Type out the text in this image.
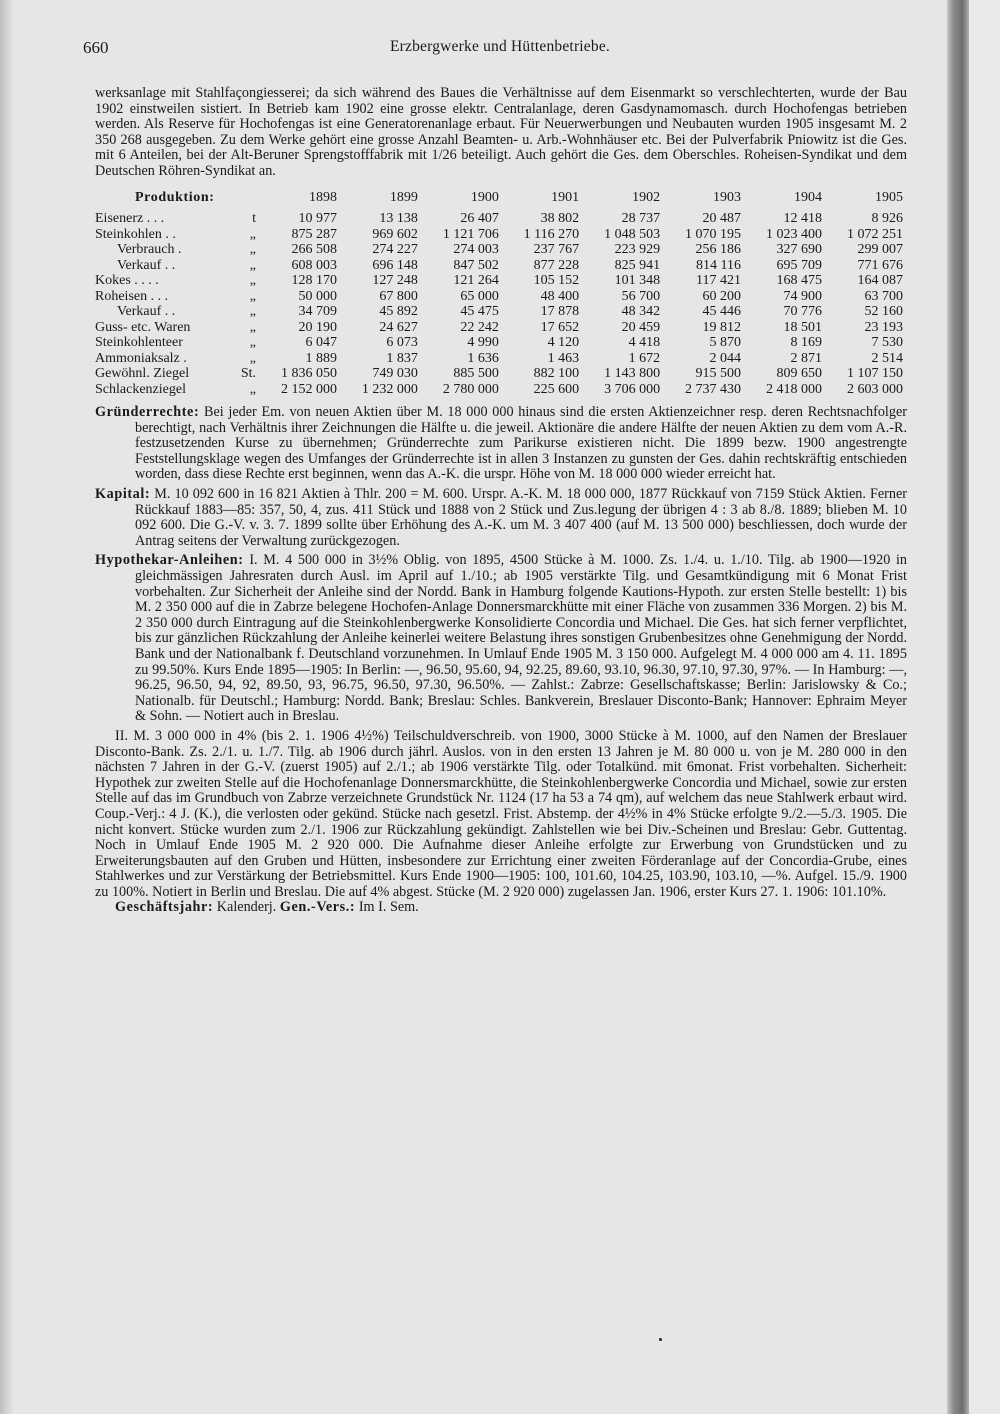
660	Erzbergwerke und Hüttenbetriebe.

werksanlage mit Stahlfaçongiesserei; da sich während des Baues die Verhältnisse auf dem Eisenmarkt so verschlechterten, wurde der Bau 1902 einstweilen sistiert. In Betrieb kam 1902 eine grosse elektr. Centralanlage, deren Gasdynamomasch. durch Hochofengas betrieben werden. Als Reserve für Hochofengas ist eine Generatorenanlage erbaut. Für Neuerwerbungen und Neubauten wurden 1905 insgesamt M. 2 350 268 ausgegeben. Zu dem Werke gehört eine grosse Anzahl Beamten- u. Arb.-Wohnhäuser etc. Bei der Pulverfabrik Pniowitz ist die Ges. mit 6 Anteilen, bei der Alt-Beruner Sprengstofffabrik mit 1/26 beteiligt. Auch gehört die Ges. dem Oberschles. Roheisen-Syndikat und dem Deutschen Röhren-Syndikat an.

Produktion:	1898	1899	1900	1901	1902	1903	1904	1905
Eisenerz . . . t	10 977	13 138	26 407	38 802	28 737	20 487	12 418	8 926
Steinkohlen . . „	875 287	969 602	1 121 706	1 116 270	1 048 503	1 070 195	1 023 400	1 072 251
Verbrauch . „	266 508	274 227	274 003	237 767	223 929	256 186	327 690	299 007
Verkauf . . „	608 003	696 148	847 502	877 228	825 941	814 116	695 709	771 676
Kokes . . . . „	128 170	127 248	121 264	105 152	101 348	117 421	168 475	164 087
Roheisen . . . „	50 000	67 800	65 000	48 400	56 700	60 200	74 900	63 700
Verkauf . . „	34 709	45 892	45 475	17 878	48 342	45 446	70 776	52 160
Guss- etc. Waren „	20 190	24 627	22 242	17 652	20 459	19 812	18 501	23 193
Steinkohlenteer „	6 047	6 073	4 990	4 120	4 418	5 870	8 169	7 530
Ammoniaksalz . „	1 889	1 837	1 636	1 463	1 672	2 044	2 871	2 514
Gewöhnl. Ziegel St.	1 836 050	749 030	885 500	882 100	1 143 800	915 500	809 650	1 107 150
Schlackenziegel „	2 152 000	1 232 000	2 780 000	225 600	3 706 000	2 737 430	2 418 000	2 603 000

Gründerrechte: Bei jeder Em. von neuen Aktien über M. 18 000 000 hinaus sind die ersten Aktienzeichner resp. deren Rechtsnachfolger berechtigt, nach Verhältnis ihrer Zeichnungen die Hälfte u. die jeweil. Aktionäre die andere Hälfte der neuen Aktien zu dem vom A.-R. festzusetzenden Kurse zu übernehmen; Gründerrechte zum Parikurse existieren nicht. Die 1899 bezw. 1900 angestrengte Feststellungsklage wegen des Umfanges der Gründerrechte ist in allen 3 Instanzen zu gunsten der Ges. dahin rechtskräftig entschieden worden, dass diese Rechte erst beginnen, wenn das A.-K. die urspr. Höhe von M. 18 000 000 wieder erreicht hat.

Kapital: M. 10 092 600 in 16 821 Aktien à Thlr. 200 = M. 600. Urspr. A.-K. M. 18 000 000, 1877 Rückkauf von 7159 Stück Aktien. Ferner Rückkauf 1883—85: 357, 50, 4, zus. 411 Stück und 1888 von 2 Stück und Zus.legung der übrigen 4 : 3 ab 8./8. 1889; blieben M. 10 092 600. Die G.-V. v. 3. 7. 1899 sollte über Erhöhung des A.-K. um M. 3 407 400 (auf M. 13 500 000) beschliessen, doch wurde der Antrag seitens der Verwaltung zurückgezogen.

Hypothekar-Anleihen: I. M. 4 500 000 in 3½% Oblig. von 1895, 4500 Stücke à M. 1000. Zs. 1./4. u. 1./10. Tilg. ab 1900—1920 in gleichmässigen Jahresraten durch Ausl. im April auf 1./10.; ab 1905 verstärkte Tilg. und Gesamtkündigung mit 6 Monat Frist vorbehalten. Zur Sicherheit der Anleihe sind der Nordd. Bank in Hamburg folgende Kautions-Hypoth. zur ersten Stelle bestellt: 1) bis M. 2 350 000 auf die in Zabrze belegene Hochofen-Anlage Donnersmarckhütte mit einer Fläche von zusammen 336 Morgen. 2) bis M. 2 350 000 durch Eintragung auf die Steinkohlenbergwerke Konsolidierte Concordia und Michael. Die Ges. hat sich ferner verpflichtet, bis zur gänzlichen Rückzahlung der Anleihe keinerlei weitere Belastung ihres sonstigen Grubenbesitzes ohne Genehmigung der Nordd. Bank und der Nationalbank f. Deutschland vorzunehmen. In Umlauf Ende 1905 M. 3 150 000. Aufgelegt M. 4 000 000 am 4. 11. 1895 zu 99.50%. Kurs Ende 1895—1905: In Berlin: —, 96.50, 95.60, 94, 92.25, 89.60, 93.10, 96.30, 97.10, 97.30, 97%. — In Hamburg: —, 96.25, 96.50, 94, 92, 89.50, 93, 96.75, 96.50, 97.30, 96.50%. — Zahlst.: Zabrze: Gesellschaftskasse; Berlin: Jarislowsky & Co.; Nationalb. für Deutschl.; Hamburg: Nordd. Bank; Breslau: Schles. Bankverein, Breslauer Disconto-Bank; Hannover: Ephraim Meyer & Sohn. — Notiert auch in Breslau.

II. M. 3 000 000 in 4% (bis 2. 1. 1906 4½%) Teilschuldverschreib. von 1900, 3000 Stücke à M. 1000, auf den Namen der Breslauer Disconto-Bank. Zs. 2./1. u. 1./7. Tilg. ab 1906 durch jährl. Auslos. von in den ersten 13 Jahren je M. 80 000 u. von je M. 280 000 in den nächsten 7 Jahren in der G.-V. (zuerst 1905) auf 2./1.; ab 1906 verstärkte Tilg. oder Totalkünd. mit 6monat. Frist vorbehalten. Sicherheit: Hypothek zur zweiten Stelle auf die Hochofenanlage Donnersmarckhütte, die Steinkohlenbergwerke Concordia und Michael, sowie zur ersten Stelle auf das im Grundbuch von Zabrze verzeichnete Grundstück Nr. 1124 (17 ha 53 a 74 qm), auf welchem das neue Stahlwerk erbaut wird. Coup.-Verj.: 4 J. (K.), die verlosten oder gekünd. Stücke nach gesetzl. Frist. Abstemp. der 4½% in 4% Stücke erfolgte 9./2.—5./3. 1905. Die nicht konvert. Stücke wurden zum 2./1. 1906 zur Rückzahlung gekündigt. Zahlstellen wie bei Div.-Scheinen und Breslau: Gebr. Guttentag. Noch in Umlauf Ende 1905 M. 2 920 000. Die Aufnahme dieser Anleihe erfolgte zur Erwerbung von Grundstücken und zu Erweiterungsbauten auf den Gruben und Hütten, insbesondere zur Errichtung einer zweiten Förderanlage auf der Concordia-Grube, eines Stahlwerkes und zur Verstärkung der Betriebsmittel. Kurs Ende 1900—1905: 100, 101.60, 104.25, 103.90, 103.10, —%. Aufgel. 15./9. 1900 zu 100%. Notiert in Berlin und Breslau. Die auf 4% abgest. Stücke (M. 2 920 000) zugelassen Jan. 1906, erster Kurs 27. 1. 1906: 101.10%.

Geschäftsjahr: Kalenderj. Gen.-Vers.: Im I. Sem.
